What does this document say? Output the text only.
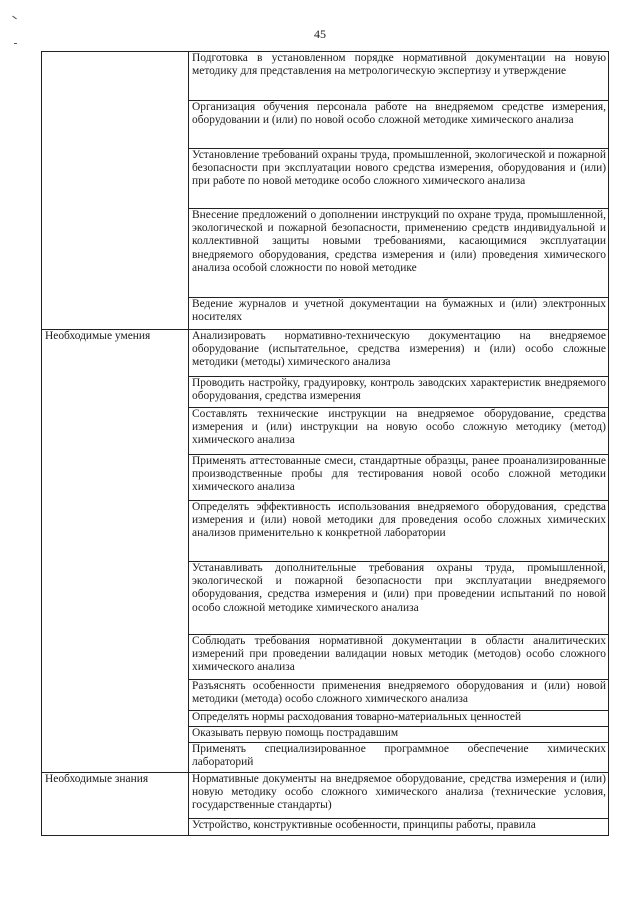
45
	Подготовка в установленном порядке нормативной документации на новую методику для представления на метрологическую экспертизу и утверждение
	Организация обучения персонала работе на внедряемом средстве измерения, оборудовании и (или) по новой особо сложной методике химического анализа
	Установление требований охраны труда, промышленной, экологической и пожарной безопасности при эксплуатации нового средства измерения, оборудования и (или) при работе по новой методике особо сложного химического анализа
	Внесение предложений о дополнении инструкций по охране труда, промышленной, экологической и пожарной безопасности, применению средств индивидуальной и коллективной защиты новыми требованиями, касающимися эксплуатации внедряемого оборудования, средства измерения и (или) проведения химического анализа особой сложности по новой методике
	Ведение журналов и учетной документации на бумажных и (или) электронных носителях
Необходимые умения	Анализировать нормативно-техническую документацию на внедряемое оборудование (испытательное, средства измерения) и (или) особо сложные методики (методы) химического анализа
	Проводить настройку, градуировку, контроль заводских характеристик внедряемого оборудования, средства измерения
	Составлять технические инструкции на внедряемое оборудование, средства измерения и (или) инструкции на новую особо сложную методику (метод) химического анализа
	Применять аттестованные смеси, стандартные образцы, ранее проанализированные производственные пробы для тестирования новой особо сложной методики химического анализа
	Определять эффективность использования внедряемого оборудования, средства измерения и (или) новой методики для проведения особо сложных химических анализов применительно к конкретной лаборатории
	Устанавливать дополнительные требования охраны труда, промышленной, экологической и пожарной безопасности при эксплуатации внедряемого оборудования, средства измерения и (или) при проведении испытаний по новой особо сложной методике химического анализа
	Соблюдать требования нормативной документации в области аналитических измерений при проведении валидации новых методик (методов) особо сложного химического анализа
	Разъяснять особенности применения внедряемого оборудования и (или) новой методики (метода) особо сложного химического анализа
	Определять нормы расходования товарно-материальных ценностей
	Оказывать первую помощь пострадавшим
	Применять специализированное программное обеспечение химических лабораторий
Необходимые знания	Нормативные документы на внедряемое оборудование, средства измерения и (или) новую методику особо сложного химического анализа (технические условия, государственные стандарты)
	Устройство, конструктивные особенности, принципы работы, правила
